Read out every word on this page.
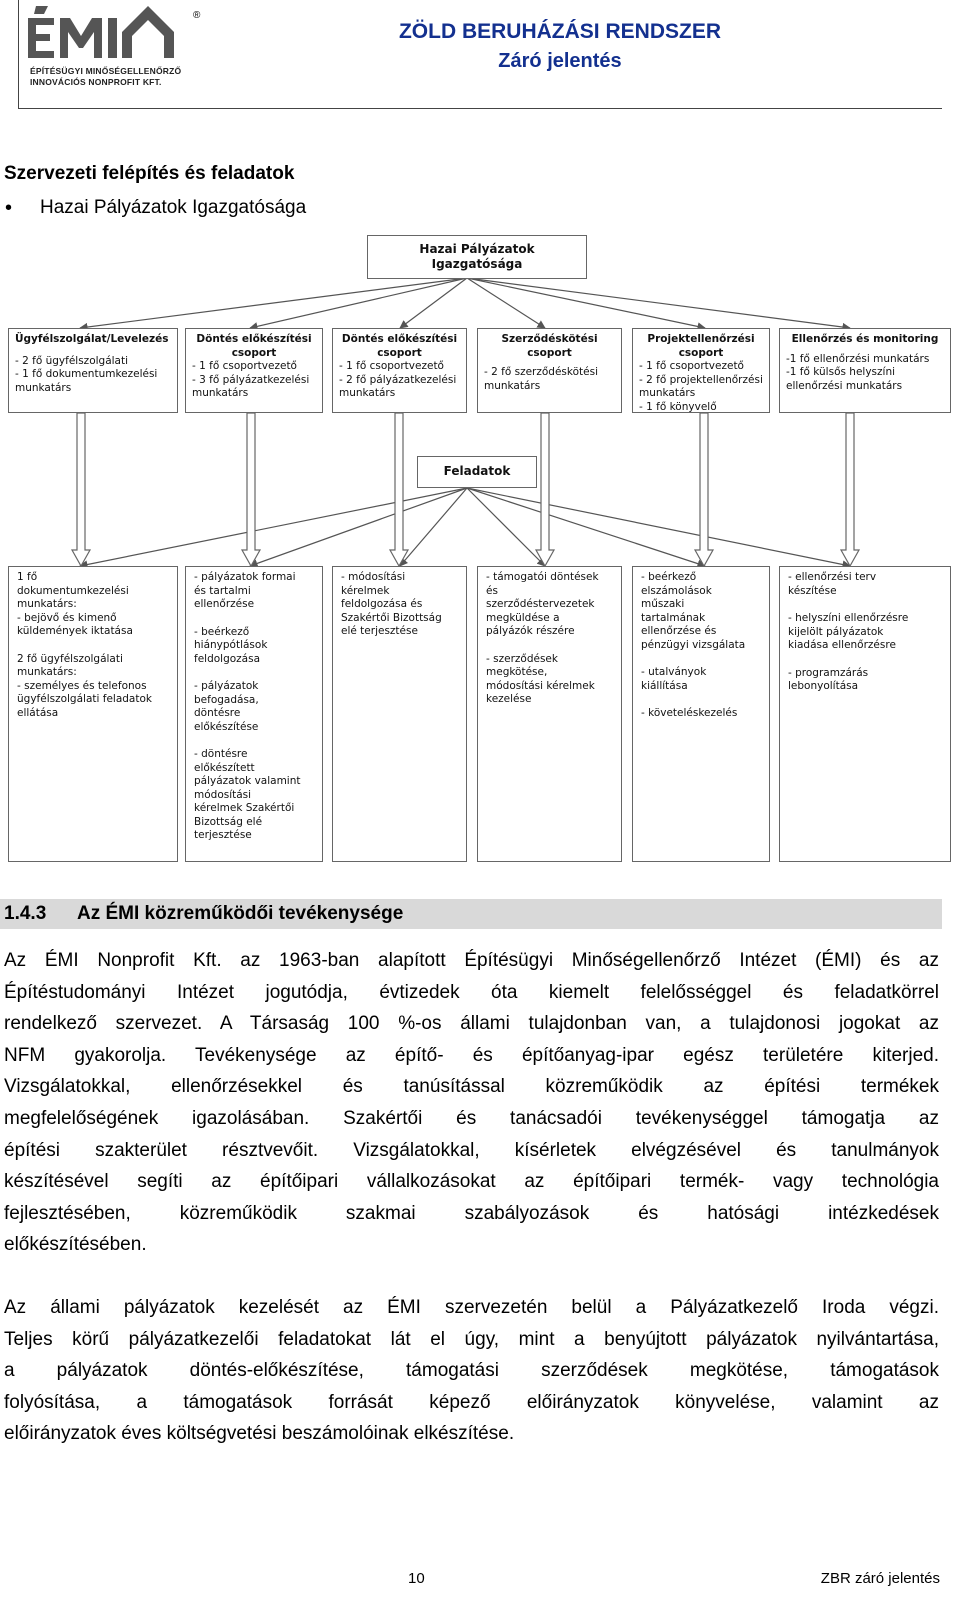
®
ÉPÍTÉSÜGYI MINŐSÉGELLENŐRZŐ
INNOVÁCIÓS NONPROFIT KFT.
ZÖLD BERUHÁZÁSI RENDSZER
Záró jelentés
Szervezeti felépítés és feladatok
• Hazai Pályázatok Igazgatósága
Hazai Pályázatok
Igazgatósága
Ügyfélszolgálat/Levelezés
- 2 fő ügyfélszolgálati
- 1 fő dokumentumkezelési
munkatárs
Döntés előkészítési
csoport
- 1 fő csoportvezető
- 3 fő pályázatkezelési
munkatárs
Döntés előkészítési
csoport
- 1 fő csoportvezető
- 2 fő pályázatkezelési
munkatárs
Szerződéskötési csoport
- 2 fő szerződéskötési
munkatárs
Projektellenőrzési
csoport
- 1 fő csoportvezető
- 2 fő projektellenőrzési
munkatárs
- 1 fő könyvelő
Ellenőrzés és monitoring
-1 fő ellenőrzési munkatárs
-1 fő külsős helyszíni
ellenőrzési munkatárs
Feladatok
1 fő
dokumentumkezelési
munkatárs:
- bejövő és kimenő
küldemények iktatása
2 fő ügyfélszolgálati
munkatárs:
- személyes és telefonos
ügyfélszolgálati feladatok
ellátása
- pályázatok formai
és tartalmi
ellenőrzése
- beérkező
hiánypótlások
feldolgozása
- pályázatok
befogadása,
döntésre
előkészítése
- döntésre
előkészített
pályázatok valamint
módosítási
kérelmek Szakértői
Bizottság elé
terjesztése
- módosítási
kérelmek
feldolgozása és
Szakértői Bizottság
elé terjesztése
- támogatói döntések
és
szerződéstervezetek
megküldése a
pályázók részére
- szerződések
megkötése,
módosítási kérelmek
kezelése
- beérkező
elszámolások
műszaki
tartalmának
ellenőrzése és
pénzügyi vizsgálata
- utalványok
kiállítása
- követeléskezelés
- ellenőrzési terv
készítése
- helyszíni ellenőrzésre
kijelölt pályázatok
kiadása ellenőrzésre
- programzárás
lebonyolítása
1.4.3 Az ÉMI közreműködői tevékenysége
Az ÉMI Nonprofit Kft. az 1963-ban alapított Építésügyi Minőségellenőrző Intézet (ÉMI) és az
Építéstudományi Intézet jogutódja, évtizedek óta kiemelt felelősséggel és feladatkörrel
rendelkező szervezet. A Társaság 100 %-os állami tulajdonban van, a tulajdonosi jogokat az
NFM gyakorolja. Tevékenysége az építő- és építőanyag-ipar egész területére kiterjed.
Vizsgálatokkal, ellenőrzésekkel és tanúsítással közreműködik az építési termékek
megfelelőségének igazolásában. Szakértői és tanácsadói tevékenységgel támogatja az
építési szakterület résztvevőit. Vizsgálatokkal, kísérletek elvégzésével és tanulmányok
készítésével segíti az építőipari vállalkozásokat az építőipari termék- vagy technológia
fejlesztésében, közreműködik szakmai szabályozások és hatósági intézkedések
előkészítésében.
Az állami pályázatok kezelését az ÉMI szervezetén belül a Pályázatkezelő Iroda végzi.
Teljes körű pályázatkezelői feladatokat lát el úgy, mint a benyújtott pályázatok nyilvántartása,
a pályázatok döntés-előkészítése, támogatási szerződések megkötése, támogatások
folyósítása, a támogatások forrását képező előirányzatok könyvelése, valamint az
előirányzatok éves költségvetési beszámolóinak elkészítése.
10	ZBR záró jelentés
